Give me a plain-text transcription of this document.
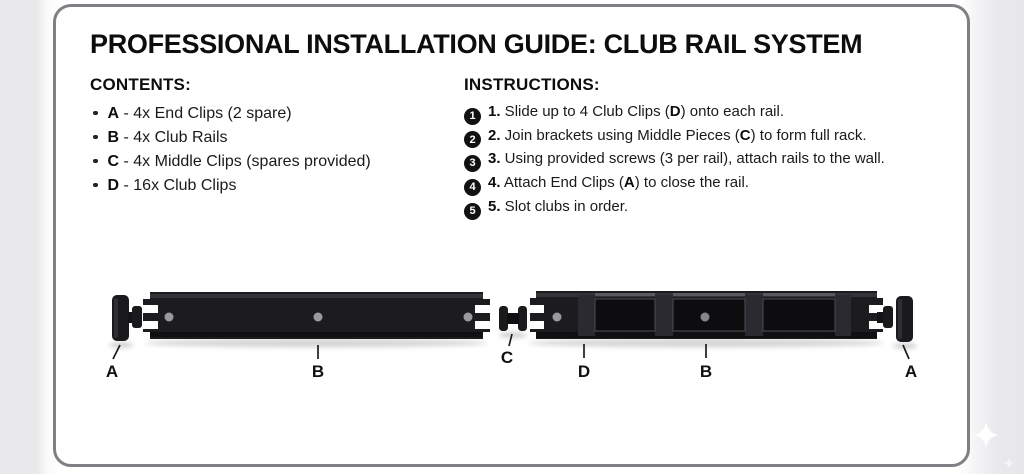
PROFESSIONAL INSTALLATION GUIDE: CLUB RAIL SYSTEM
CONTENTS:
A - 4x End Clips (2 spare)
B - 4x Club Rails
C - 4x Middle Clips (spares provided)
D - 16x Club Clips
INSTRUCTIONS:
1 1. Slide up to 4 Club Clips (D) onto each rail.
2 2. Join brackets using Middle Pieces (C) to form full rack.
3 3. Using provided screws (3 per rail), attach rails to the wall.
4 4. Attach End Clips (A) to close the rail.
5 5. Slot clubs in order.
A	B
C
D	B	A
